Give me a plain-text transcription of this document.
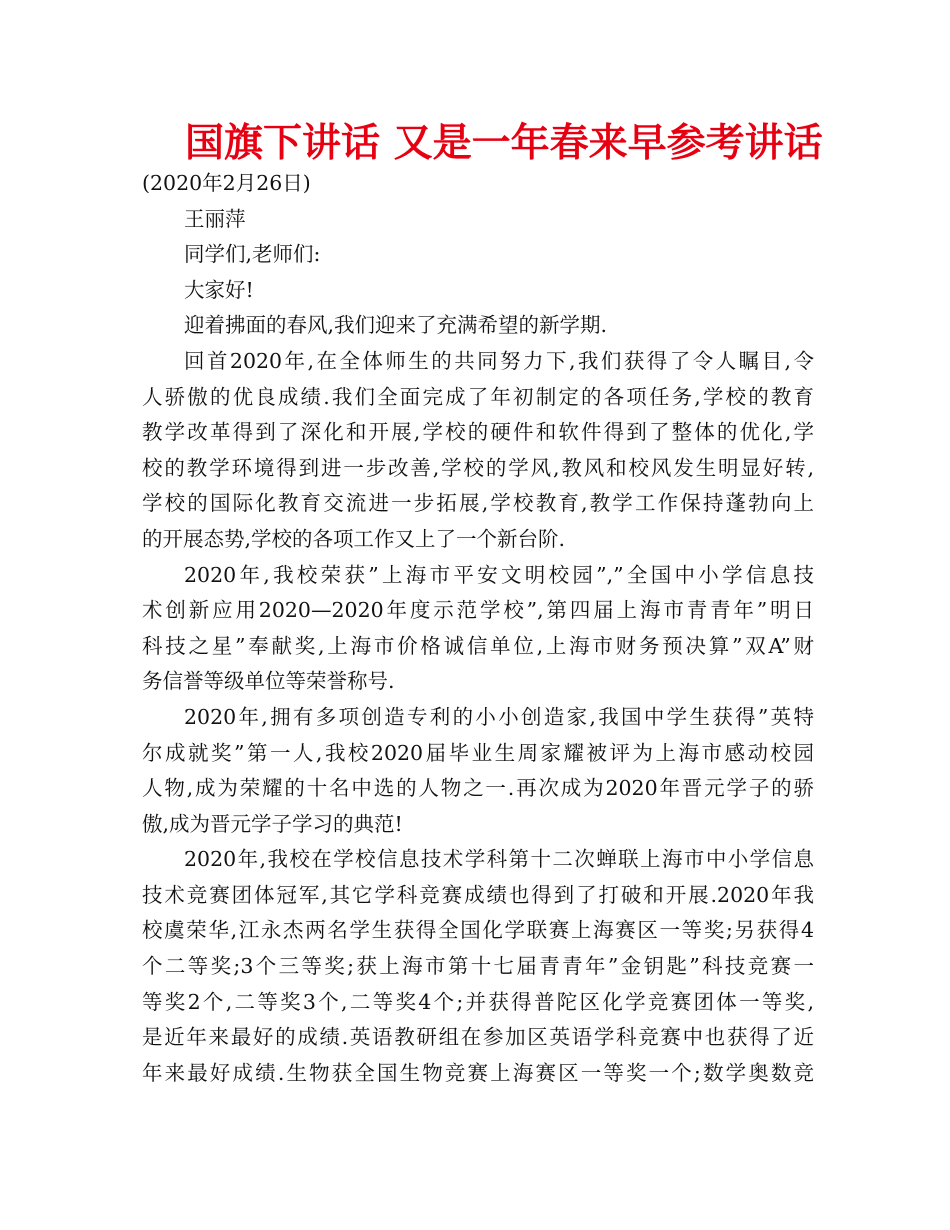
国旗下讲话 又是一年春来早参考讲话
(2020年2月26日)
王丽萍
同学们,老师们:
大家好!
迎着拂面的春风,我们迎来了充满希望的新学期.
回首2020年,在全体师生的共同努力下,我们获得了令人瞩目,令
人骄傲的优良成绩.我们全面完成了年初制定的各项任务,学校的教育
教学改革得到了深化和开展,学校的硬件和软件得到了整体的优化,学
校的教学环境得到进一步改善,学校的学风,教风和校风发生明显好转,
学校的国际化教育交流进一步拓展,学校教育,教学工作保持蓬勃向上
的开展态势,学校的各项工作又上了一个新台阶.
2020年,我校荣获”上海市平安文明校园”,”全国中小学信息技
术创新应用2020—2020年度示范学校”,第四届上海市青青年”明日
科技之星”奉献奖,上海市价格诚信单位,上海市财务预决算”双A”财
务信誉等级单位等荣誉称号.
2020年,拥有多项创造专利的小小创造家,我国中学生获得”英特
尔成就奖”第一人,我校2020届毕业生周家耀被评为上海市感动校园
人物,成为荣耀的十名中选的人物之一.再次成为2020年晋元学子的骄
傲,成为晋元学子学习的典范!
2020年,我校在学校信息技术学科第十二次蝉联上海市中小学信息
技术竞赛团体冠军,其它学科竞赛成绩也得到了打破和开展.2020年我
校虞荣华,江永杰两名学生获得全国化学联赛上海赛区一等奖;另获得4
个二等奖;3个三等奖;获上海市第十七届青青年”金钥匙”科技竞赛一
等奖2个,二等奖3个,二等奖4个;并获得普陀区化学竞赛团体一等奖,
是近年来最好的成绩.英语教研组在参加区英语学科竞赛中也获得了近
年来最好成绩.生物获全国生物竞赛上海赛区一等奖一个;数学奥数竞
